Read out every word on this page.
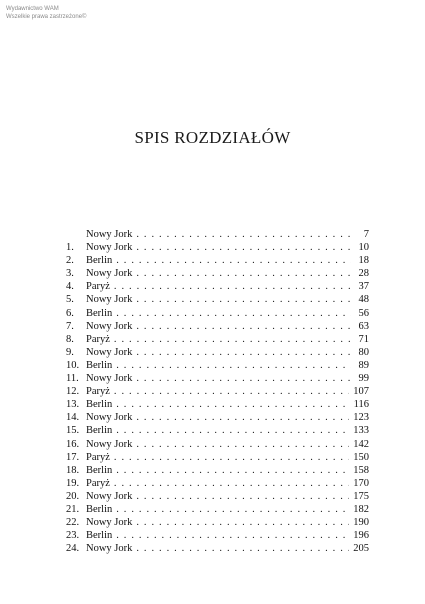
Wydawnictwo WAM
Wszelkie prawa zastrzeżone©
SPIS ROZDZIAŁÓW
Nowy Jork . . .	7
1.	Nowy Jork . . .	10
2.	Berlin . . .	18
3.	Nowy Jork . . .	28
4.	Paryż . . .	37
5.	Nowy Jork . . .	48
6.	Berlin . . .	56
7.	Nowy Jork . . .	63
8.	Paryż . . .	71
9.	Nowy Jork . . .	80
10. Berlin . . .	89
11. Nowy Jork . . .	99
12. Paryż . . .	107
13. Berlin . . .	116
14. Nowy Jork . . .	123
15. Berlin . . .	133
16. Nowy Jork . . .	142
17. Paryż . . .	150
18. Berlin . . .	158
19. Paryż . . .	170
20. Nowy Jork . . .	175
21. Berlin . . .	182
22. Nowy Jork . . .	190
23. Berlin . . .	196
24. Nowy Jork . . .	205
